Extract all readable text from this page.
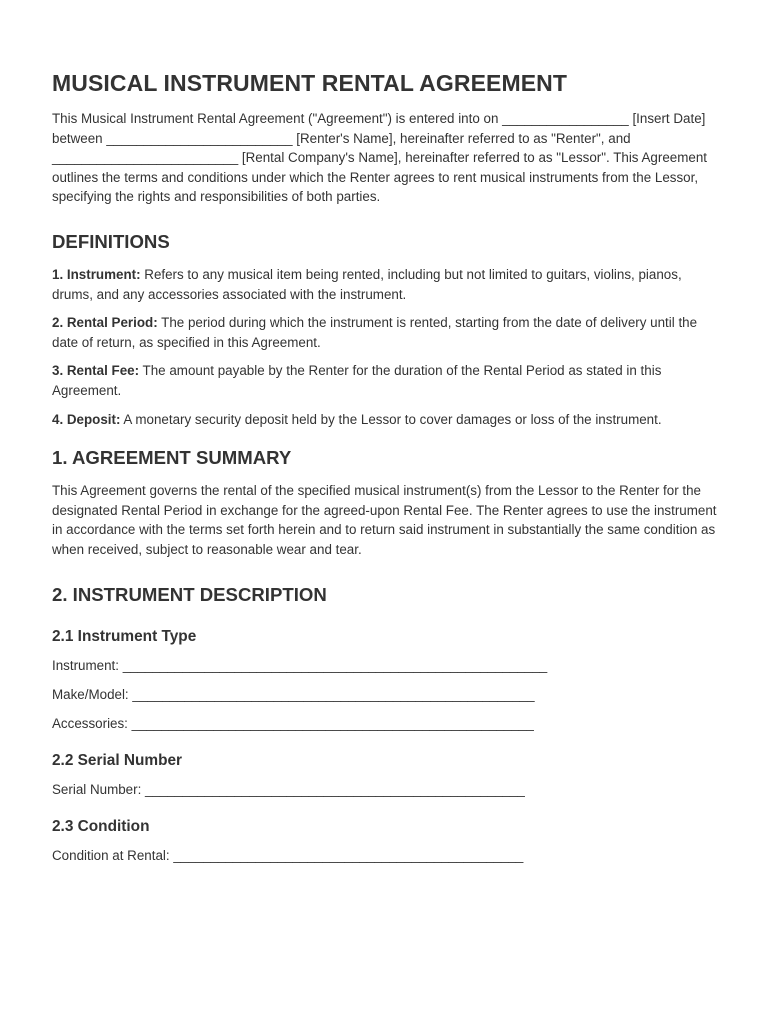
MUSICAL INSTRUMENT RENTAL AGREEMENT

This Musical Instrument Rental Agreement ("Agreement") is entered into on _________________ [Insert Date] between _________________________ [Renter's Name], hereinafter referred to as "Renter", and _________________________ [Rental Company's Name], hereinafter referred to as "Lessor". This Agreement outlines the terms and conditions under which the Renter agrees to rent musical instruments from the Lessor, specifying the rights and responsibilities of both parties.

DEFINITIONS

1. Instrument: Refers to any musical item being rented, including but not limited to guitars, violins, pianos, drums, and any accessories associated with the instrument.

2. Rental Period: The period during which the instrument is rented, starting from the date of delivery until the date of return, as specified in this Agreement.

3. Rental Fee: The amount payable by the Renter for the duration of the Rental Period as stated in this Agreement.

4. Deposit: A monetary security deposit held by the Lessor to cover damages or loss of the instrument.

1. AGREEMENT SUMMARY

This Agreement governs the rental of the specified musical instrument(s) from the Lessor to the Renter for the designated Rental Period in exchange for the agreed-upon Rental Fee. The Renter agrees to use the instrument in accordance with the terms set forth herein and to return said instrument in substantially the same condition as when received, subject to reasonable wear and tear.

2. INSTRUMENT DESCRIPTION
2.1 Instrument Type
Instrument: _________________________________________________________
Make/Model: ______________________________________________________
Accessories: ______________________________________________________
2.2 Serial Number
Serial Number: ___________________________________________________
2.3 Condition
Condition at Rental: _______________________________________________
